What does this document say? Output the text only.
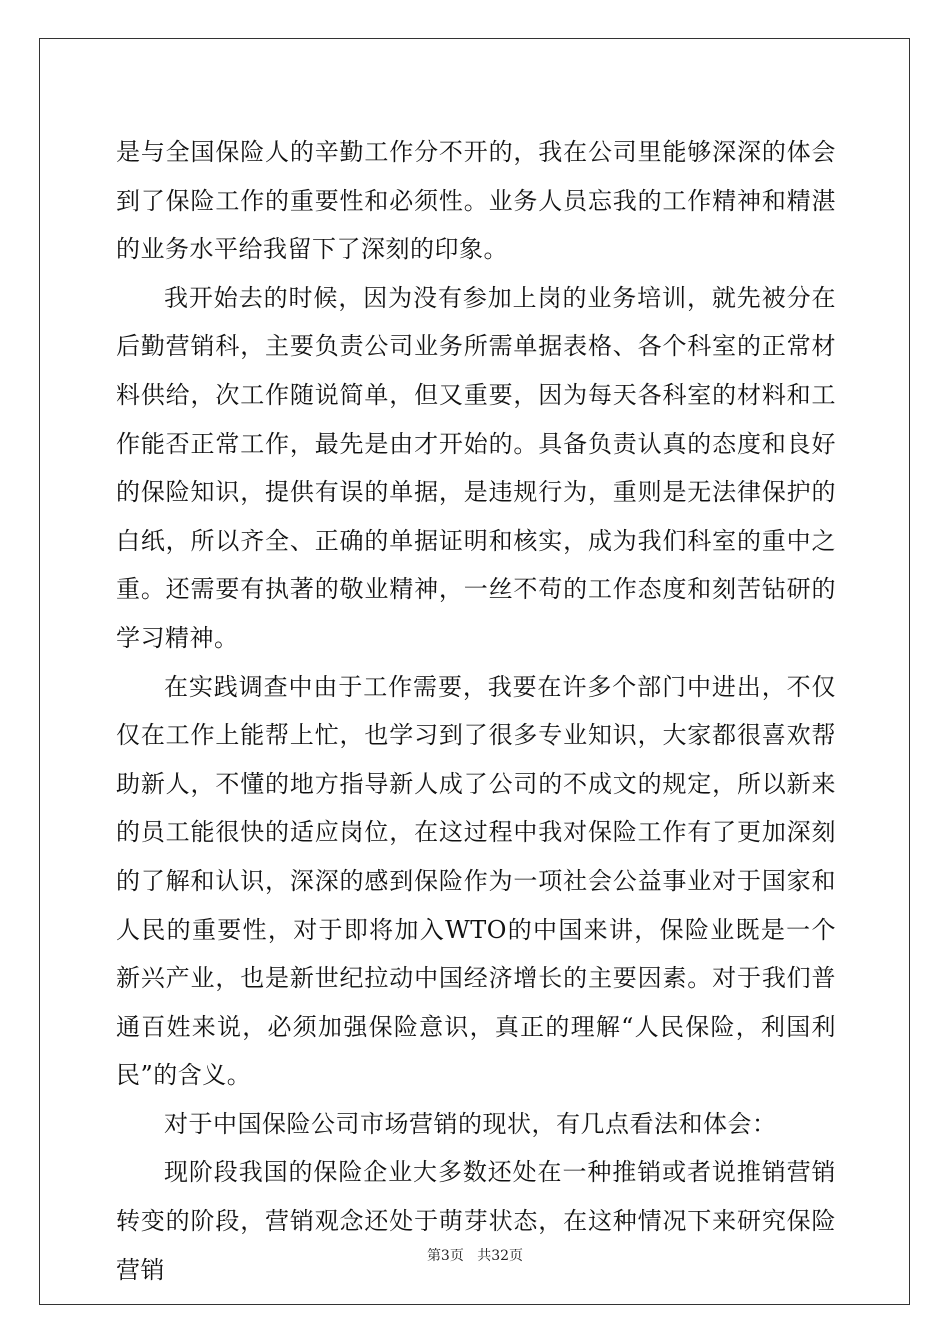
是与全国保险人的辛勤工作分不开的，我在公司里能够深深的体会到了保险工作的重要性和必须性。业务人员忘我的工作精神和精湛的业务水平给我留下了深刻的印象。

我开始去的时候，因为没有参加上岗的业务培训，就先被分在后勤营销科，主要负责公司业务所需单据表格、各个科室的正常材料供给，次工作随说简单，但又重要，因为每天各科室的材料和工作能否正常工作，最先是由才开始的。具备负责认真的态度和良好的保险知识，提供有误的单据，是违规行为，重则是无法律保护的白纸，所以齐全、正确的单据证明和核实，成为我们科室的重中之重。还需要有执著的敬业精神，一丝不苟的工作态度和刻苦钻研的学习精神。

在实践调查中由于工作需要，我要在许多个部门中进出，不仅仅在工作上能帮上忙，也学习到了很多专业知识，大家都很喜欢帮助新人，不懂的地方指导新人成了公司的不成文的规定，所以新来的员工能很快的适应岗位，在这过程中我对保险工作有了更加深刻的了解和认识，深深的感到保险作为一项社会公益事业对于国家和人民的重要性，对于即将加入WTO的中国来讲，保险业既是一个新兴产业，也是新世纪拉动中国经济增长的主要因素。对于我们普通百姓来说，必须加强保险意识，真正的理解“人民保险，利国利民”的含义。

对于中国保险公司市场营销的现状，有几点看法和体会：

现阶段我国的保险企业大多数还处在一种推销或者说推销营销转变的阶段，营销观念还处于萌芽状态，在这种情况下来研究保险营销	第3页 共32页
